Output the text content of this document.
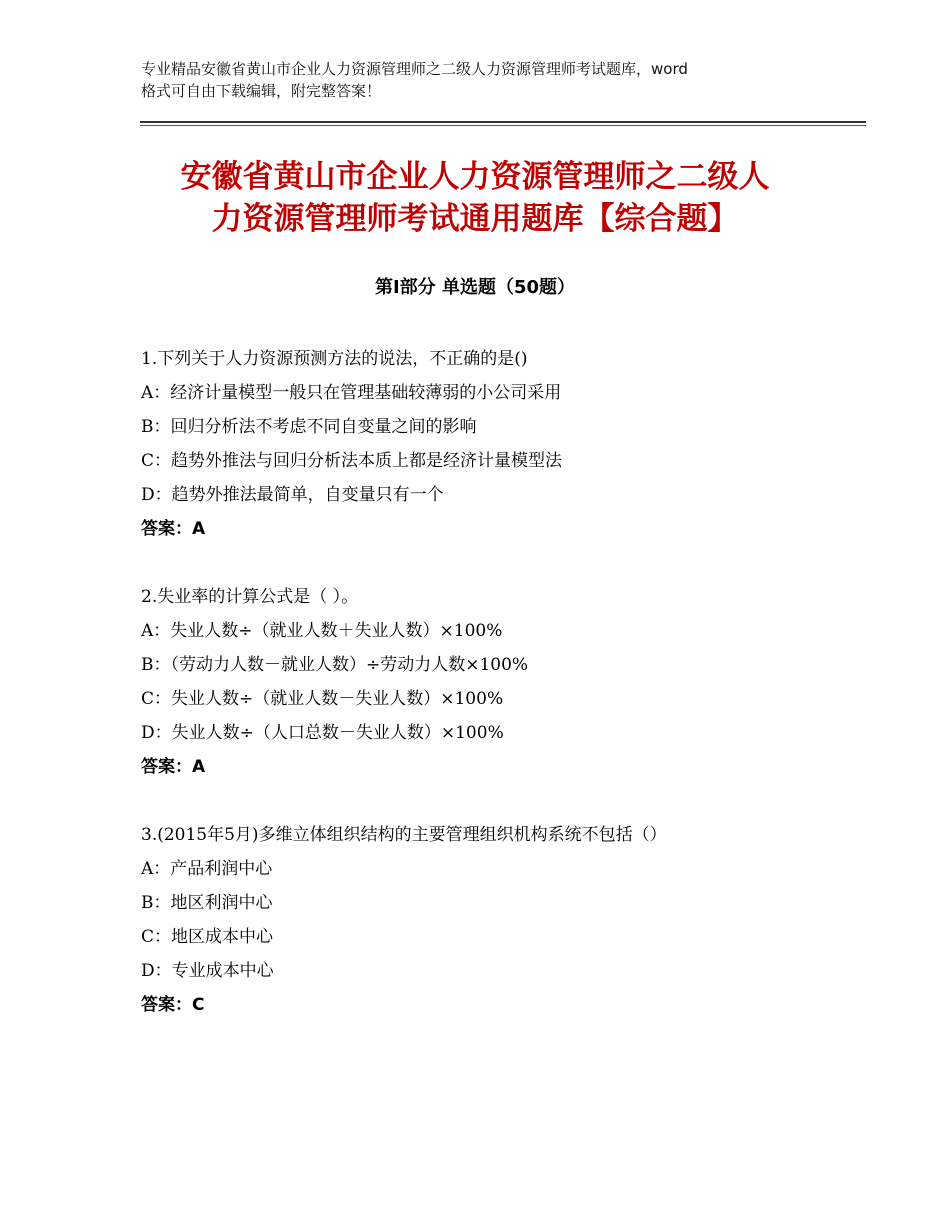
专业精品安徽省黄山市企业人力资源管理师之二级人力资源管理师考试题库，word
格式可自由下载编辑，附完整答案！
安徽省黄山市企业人力资源管理师之二级人
力资源管理师考试通用题库【综合题】
第Ⅰ部分 单选题（50题）
1.下列关于人力资源预测方法的说法，不正确的是()
A：经济计量模型一般只在管理基础较薄弱的小公司采用
B：回归分析法不考虑不同自变量之间的影响
C：趋势外推法与回归分析法本质上都是经济计量模型法
D：趋势外推法最简单，自变量只有一个
答案：A
2.失业率的计算公式是（ ）。
A：失业人数÷（就业人数＋失业人数）×100%
B：（劳动力人数－就业人数）÷劳动力人数×100%
C：失业人数÷（就业人数－失业人数）×100%
D：失业人数÷（人口总数－失业人数）×100%
答案：A
3.(2015年5月)多维立体组织结构的主要管理组织机构系统不包括（）
A：产品利润中心
B：地区利润中心
C：地区成本中心
D：专业成本中心
答案：C
